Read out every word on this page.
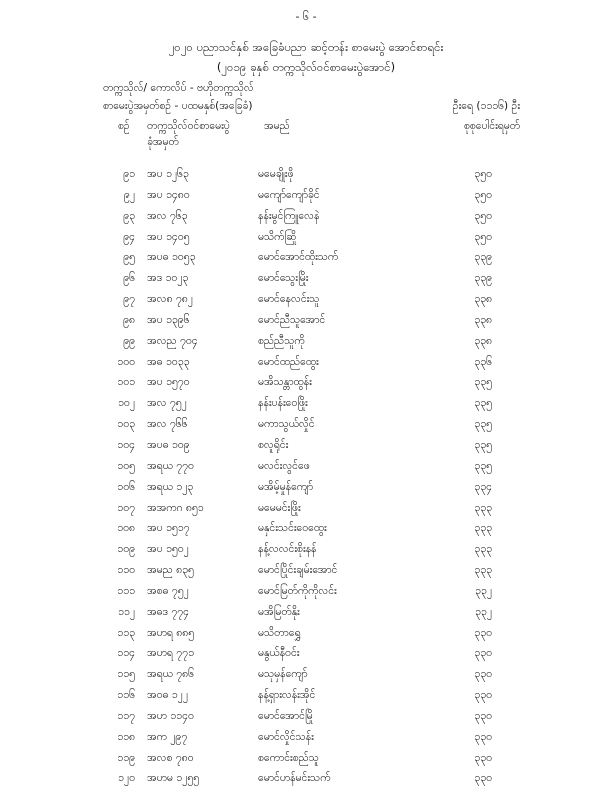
- ၆ -
၂၀၂၀ ပညာသင်နှစ် အခြေခံပညာ ဆင့်တန်း စာမေးပွဲ အောင်စာရင်း
(၂၀၁၉ ခုနှစ် တက္ကသိုလ်ဝင်စာမေးပွဲအောင်)
တက္ကသိုလ်/ ကောလိပ် - ဗဟိုတက္ကသိုလ်
စာမေးပွဲအမှတ်စဉ် - ပထမနှစ်(အခြေခံ)	ဦးရေ (၁၁၁၆) ဦး
စဉ် တက္ကသိုလ်ဝင်စာမေးပွဲ
ခုံအမှတ်
အမည်	စုစုပေါင်းရမှတ်
၉၁ အပ ၁၂၆၃	မမေချိုးဖို	၃၅၀
၉၂ အပ ၁၄၈၀	မကျော်ကျော်ခိုင်	၃၅၀
၉၃ အလ ၇၆၃	နန်းမွင်ကြူလေနဲ	၃၅၀
၉၄ အပ ၁၄၀၅	မသိက်ဆြို	၃၅၀
၉၅ အပဓ ၁၀၅၃	မောင်အောင်ထိုးသက်	၃၃၉
၉၆ အဒ ၁၀၂၃	မောင်သွေးမြိုး	၃၃၉
၉၇ အလ၈ ၇၈၂	မောင်နေလင်းသူ	၃၃၈
၉၈ အပ ၁၃၉၆	မောင်ညီသူအောင်	၃၃၈
၉၉ အလည ၇၀၄	စည်ညီသူကို	၃၃၈
၁၀၀ အဓ ၁၀၃၃	မောင်ထည်ထွေး	၃၃၆
၁၀၁ အပ ၁၅၇၀	မအိသန္တာထွန်း	၃၃၅
၁၀၂ အလ ၇၅၂	နန်းပန်းဝေဖြိုး	၃၃၅
၁၀၃ အလ ၇၆၆	မကာသွယ်လှိုင်	၃၃၅
၁၀၄ အပဓ ၁၀၉	စလူရိုင်း	၃၃၅
၁၀၅ အရယ ၇၇၀	မလင်းလွင်ဖေ	၃၃၅
၁၀၆ အရယ ၁၂၃	မအိမ့်မှုန်ကျော်	၃၃၄
၁၀၇ အအကဂ ၈၅၁	မမေမင်းဖြိုး	၃၃၃
၁၀၈ အပ ၁၅၁၇	မနှင်းသင်းဝေထွေး	၃၃၃
၁၀၉ အပ ၁၅၀၂	နန့်လလင်းစိုးနန်	၃၃၃
၁၁၀ အမည ၈၃၅	မောင်ပြိုင်းချမ်းအောင်	၃၃၃
၁၁၁ အစဓ ၇၅၂	မောင်မြတ်ကိုကိုလင်း	၃၃၂
၁၁၂ အဓဒ ၇၇၄	မအိမြတ်နိုး	၃၃၂
၁၁၃ အဟရ ၈၈၅	မသိတာရွှေ	၃၃၀
၁၁၄ အဟရ ၇၇၁	မနွယ်နီဝင်း	၃၃၀
၁၁၅ အရယ ၇၈၆	မသုမှန်ကျော်	၃၃၀
၁၁၆ အဝဓ ၁၂၂	နန့်ရှားလန်းအိုင်	၃၃၀
၁၁၇ အဟ ၁၁၄၀	မောင်အောင်မြို	၃၃၀
၁၁၈ အက ၂၉၇	မောင်လှိုင်သန်း	၃၃၀
၁၁၉ အလစ ၇၈၀	စကောင်းစည်သူ	၃၃၀
၁၂၀ အဟမ ၁၂၅၅	မောင်ဟန်မင်းသက်	၃၃၀
